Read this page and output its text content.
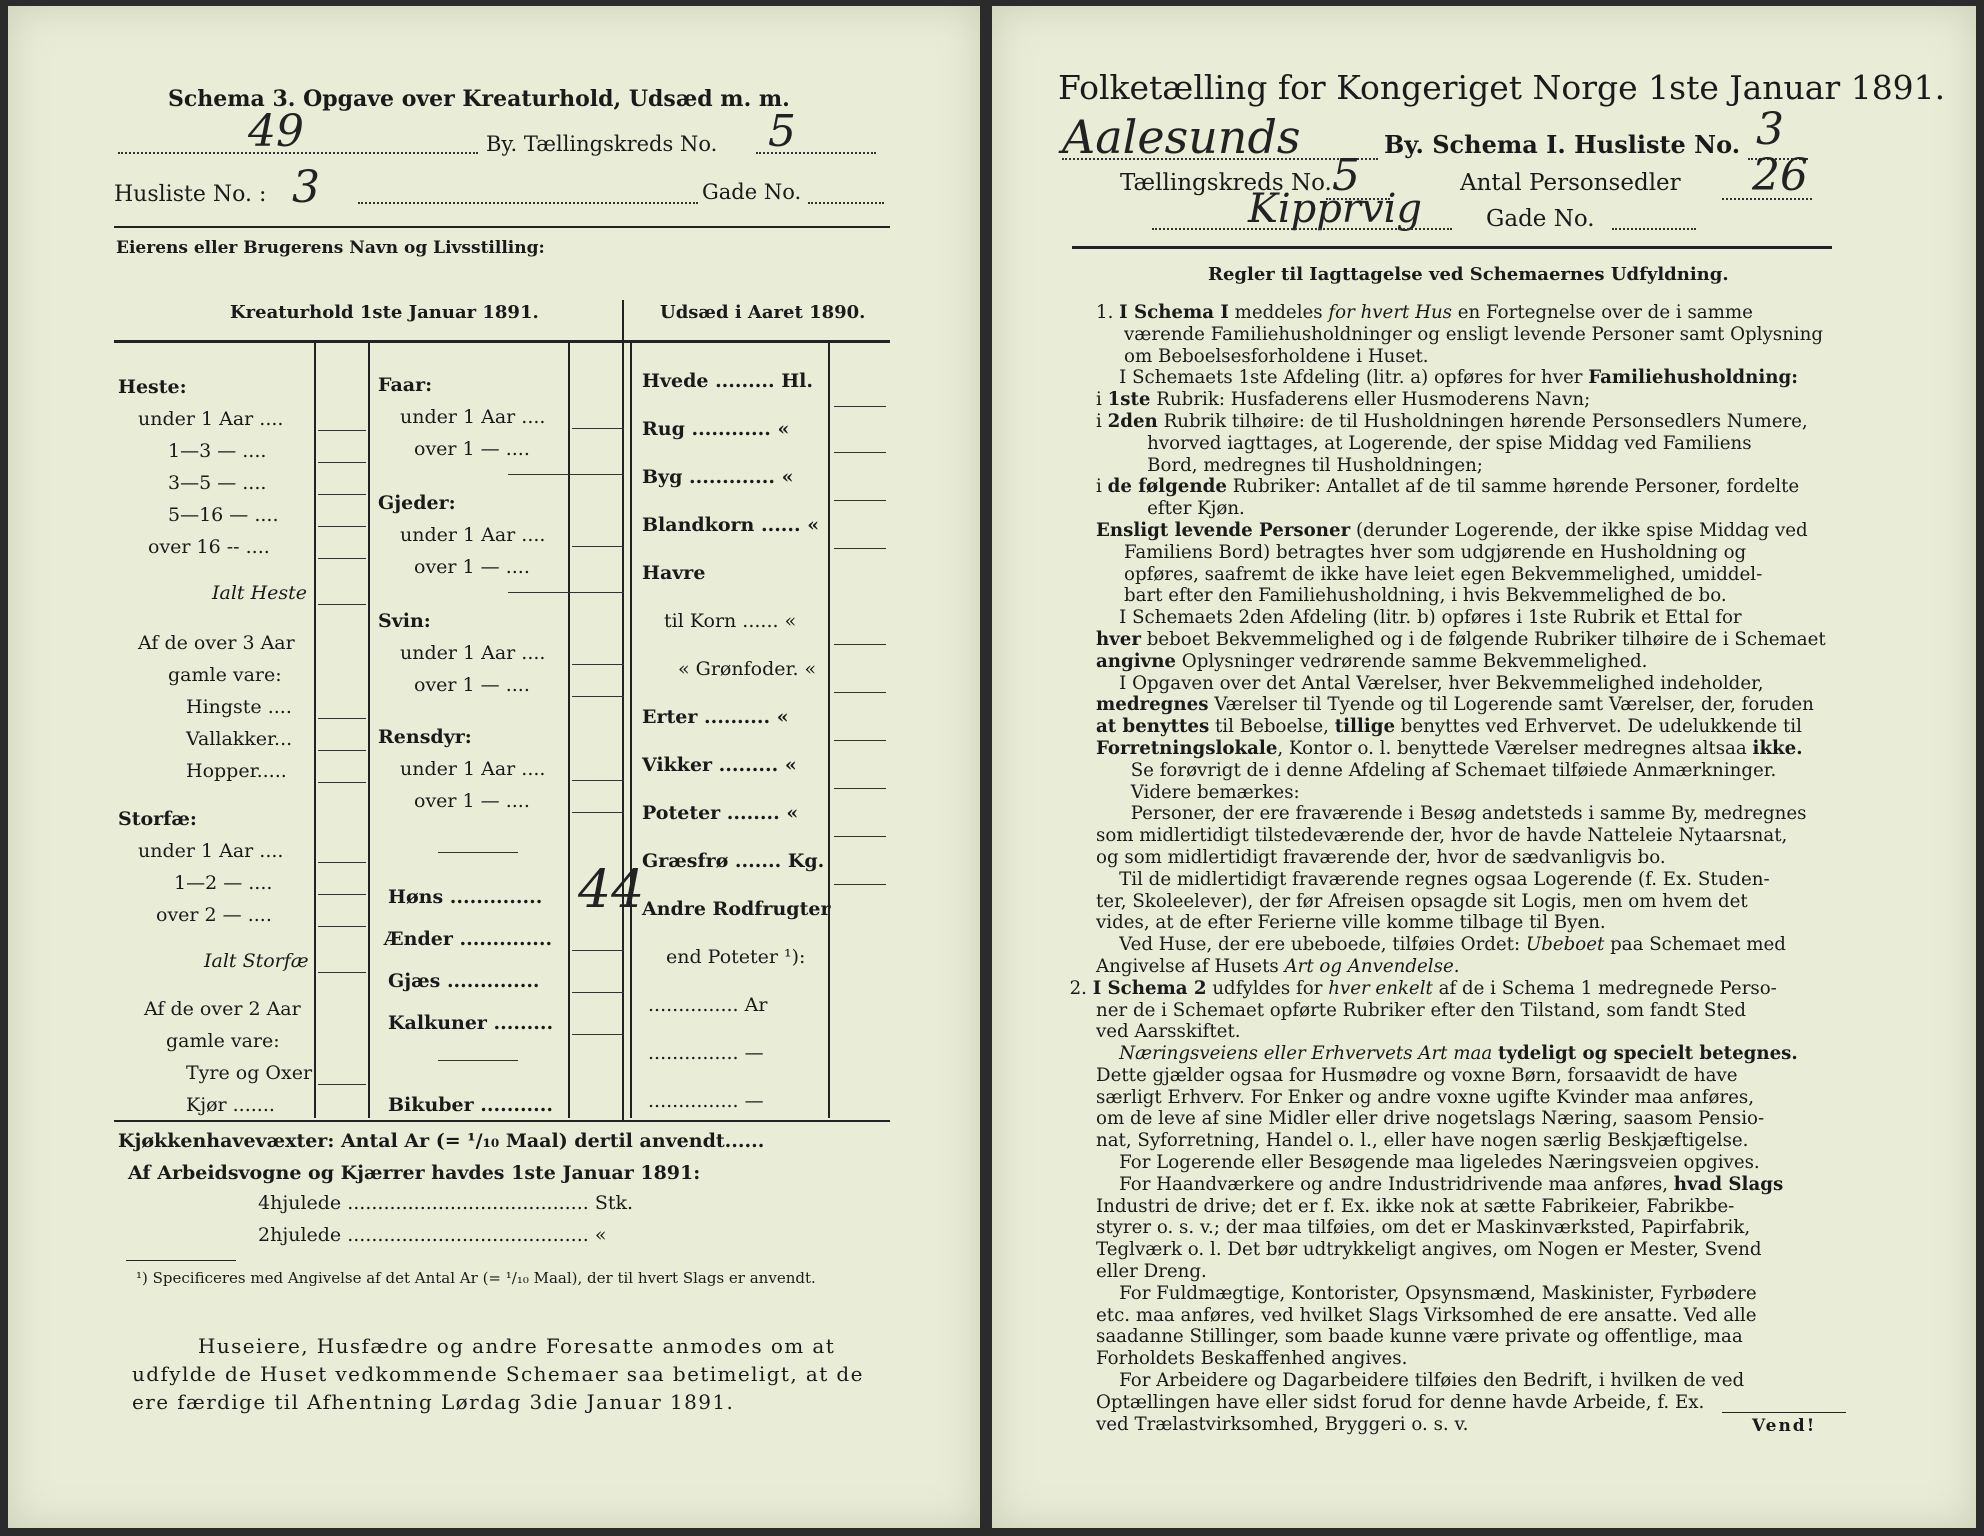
Schema 3. Opgave over Kreaturhold, Udsæd m. m.
49	By. Tællingskreds No. 5
Husliste No. : 3	Gade No.
Eierens eller Brugerens Navn og Livsstilling:
Kreaturhold 1ste Januar 1891.	Udsæd i Aaret 1890.
Heste:
under 1 Aar ....
1—3 — ....
3—5 — ....
5—16 — ....
over 16 -- ....
Ialt Heste
Af de over 3 Aar
gamle vare:
Hingste ....
Vallakker...
Hopper.....
Storfæ:
under 1 Aar ....
1—2 — ....
over 2 — ....
Ialt Storfæ
Af de over 2 Aar
gamle vare:
Tyre og Oxer
Kjør .......
Faar:
under 1 Aar ....
over 1 — ....
Gjeder:
under 1 Aar ....
over 1 — ....
Svin:
under 1 Aar ....
over 1 — ....
Rensdyr:
under 1 Aar ....
over 1 — ....
Høns .............. 44
Ænder ..............
Gjæs ..............
Kalkuner .........
Bikuber ...........
Hvede ......... Hl.
Rug ............ «
Byg ............. «
Blandkorn ...... «
Havre
til Korn ...... «
« Grønfoder. «
Erter .......... «
Vikker ......... «
Poteter ........ «
Græsfrø ....... Kg.
Andre Rodfrugter
end Poteter ¹):
............... Ar
............... —
............... —
Kjøkkenhavevæxter: Antal Ar (= ¹/₁₀ Maal) dertil anvendt......
Af Arbeidsvogne og Kjærrer havdes 1ste Januar 1891:
4hjulede ........................................ Stk.
2hjulede ........................................ «
¹) Specificeres med Angivelse af det Antal Ar (= ¹/₁₀ Maal), der til hvert Slags er anvendt.
Huseiere, Husfædre og andre Foresatte anmodes om at
udfylde de Huset vedkommende Schemaer saa betimeligt, at de
ere færdige til Afhentning Lørdag 3die Januar 1891.
Folketælling for Kongeriget Norge 1ste Januar 1891.
Aalesunds	By. Schema I. Husliste No. 3
Tællingskreds No. 5	Antal Personsedler 26
Kipprvig	Gade No.
Regler til Iagttagelse ved Schemaernes Udfyldning.

1. I Schema I meddeles for hvert Hus en Fortegnelse over de i samme

værende Familiehusholdninger og ensligt levende Personer samt Oplysning

om Beboelsesforholdene i Huset.

I Schemaets 1ste Afdeling (litr. a) opføres for hver Familiehusholdning:

i 1ste Rubrik: Husfaderens eller Husmoderens Navn;

i 2den Rubrik tilhøire: de til Husholdningen hørende Personsedlers Numere,

hvorved iagttages, at Logerende, der spise Middag ved Familiens

Bord, medregnes til Husholdningen;

i de følgende Rubriker: Antallet af de til samme hørende Personer, fordelte

efter Kjøn.

Ensligt levende Personer (derunder Logerende, der ikke spise Middag ved

Familiens Bord) betragtes hver som udgjørende en Husholdning og

opføres, saafremt de ikke have leiet egen Bekvemmelighed, umiddel-

bart efter den Familiehusholdning, i hvis Bekvemmelighed de bo.

I Schemaets 2den Afdeling (litr. b) opføres i 1ste Rubrik et Ettal for

hver beboet Bekvemmelighed og i de følgende Rubriker tilhøire de i Schemaet

angivne Oplysninger vedrørende samme Bekvemmelighed.

I Opgaven over det Antal Værelser, hver Bekvemmelighed indeholder,

medregnes Værelser til Tyende og til Logerende samt Værelser, der, foruden

at benyttes til Beboelse, tillige benyttes ved Erhvervet. De udelukkende til

Forretningslokale, Kontor o. l. benyttede Værelser medregnes altsaa ikke.

Se forøvrigt de i denne Afdeling af Schemaet tilføiede Anmærkninger.

Videre bemærkes:

Personer, der ere fraværende i Besøg andetsteds i samme By, medregnes

som midlertidigt tilstedeværende der, hvor de havde Natteleie Nytaarsnat,

og som midlertidigt fraværende der, hvor de sædvanligvis bo.

Til de midlertidigt fraværende regnes ogsaa Logerende (f. Ex. Studen-

ter, Skoleelever), der før Afreisen opsagde sit Logis, men om hvem det

vides, at de efter Ferierne ville komme tilbage til Byen.

Ved Huse, der ere ubeboede, tilføies Ordet: Ubeboet paa Schemaet med

Angivelse af Husets Art og Anvendelse.

2. I Schema 2 udfyldes for hver enkelt af de i Schema 1 medregnede Perso-

ner de i Schemaet opførte Rubriker efter den Tilstand, som fandt Sted

ved Aarsskiftet.

Næringsveiens eller Erhvervets Art maa tydeligt og specielt betegnes.

Dette gjælder ogsaa for Husmødre og voxne Børn, forsaavidt de have

særligt Erhverv. For Enker og andre voxne ugifte Kvinder maa anføres,

om de leve af sine Midler eller drive nogetslags Næring, saasom Pensio-

nat, Syforretning, Handel o. l., eller have nogen særlig Beskjæftigelse.

For Logerende eller Besøgende maa ligeledes Næringsveien opgives.

For Haandværkere og andre Industridrivende maa anføres, hvad Slags

Industri de drive; det er f. Ex. ikke nok at sætte Fabrikeier, Fabrikbe-

styrer o. s. v.; der maa tilføies, om det er Maskinværksted, Papirfabrik,

Teglværk o. l. Det bør udtrykkeligt angives, om Nogen er Mester, Svend

eller Dreng.

For Fuldmægtige, Kontorister, Opsynsmænd, Maskinister, Fyrbødere

etc. maa anføres, ved hvilket Slags Virksomhed de ere ansatte. Ved alle

saadanne Stillinger, som baade kunne være private og offentlige, maa

Forholdets Beskaffenhed angives.

For Arbeidere og Dagarbeidere tilføies den Bedrift, i hvilken de ved

Optællingen have eller sidst forud for denne havde Arbeide, f. Ex.

ved Trælastvirksomhed, Bryggeri o. s. v.	Vend!
